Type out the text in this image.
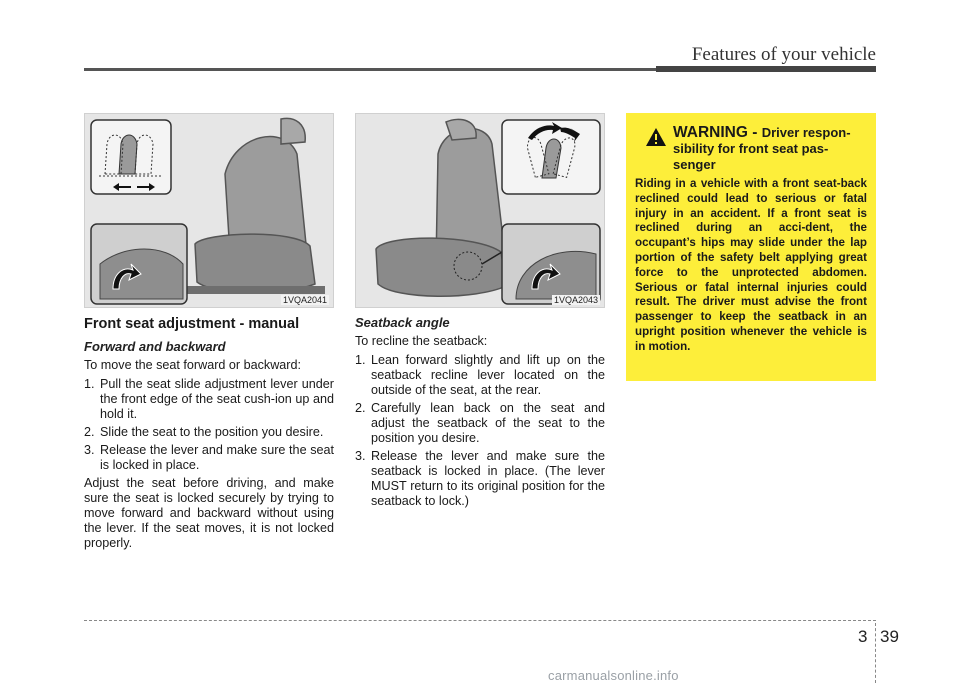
Features of your vehicle
1VQA2041	1VQA2043
WARNING - Driver respon-sibility for front seat pas-senger
Riding in a vehicle with a front seat-back reclined could lead to serious or fatal injury in an accident. If a front seat is reclined during an acci-dent, the occupant’s hips may slide under the lap portion of the safety belt applying great force to the unprotected abdomen. Serious or fatal internal injuries could result. The driver must advise the front passenger to keep the seatback in an upright position whenever the vehicle is in motion.
Front seat adjustment - manual
Forward and backward
To move the seat forward or backward:
1. Pull the seat slide adjustment lever under the front edge of the seat cush-ion up and hold it.
2. Slide the seat to the position you desire.
3. Release the lever and make sure the seat is locked in place.
Adjust the seat before driving, and make sure the seat is locked securely by trying to move forward and backward without using the lever. If the seat moves, it is not locked properly.
Seatback angle
To recline the seatback:
1. Lean forward slightly and lift up on the seatback recline lever located on the outside of the seat, at the rear.
2. Carefully lean back on the seat and adjust the seatback of the seat to the position you desire.
3. Release the lever and make sure the seatback is locked in place. (The lever MUST return to its original position for the seatback to lock.)
3 39
carmanualsonline.info
